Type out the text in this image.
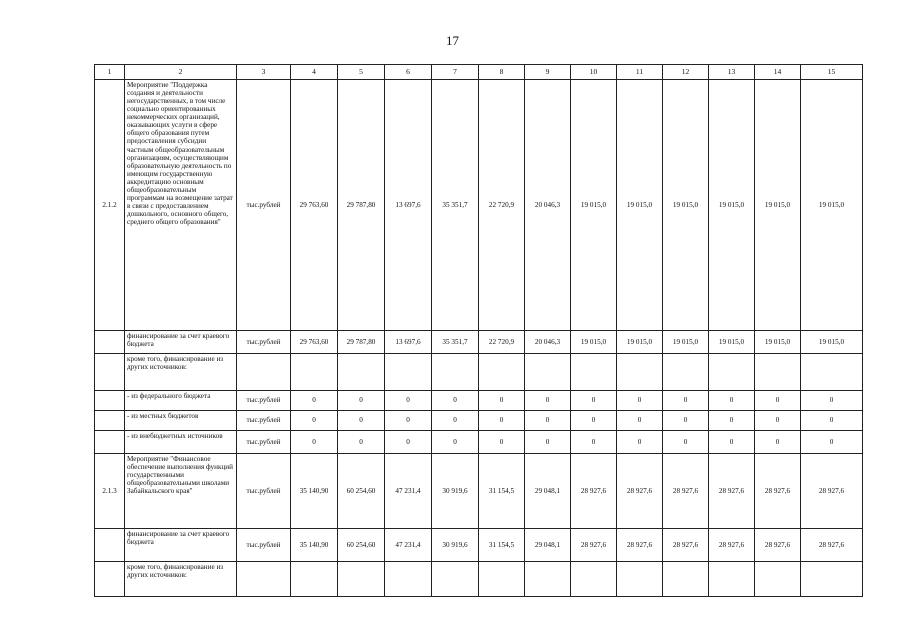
17
1	2	3	4	5	6	7	8	9	10	11	12	13	14	15
2.1.2	Мероприятие "Поддержка создания и деятельности негосударственных, в том числе социально ориентированных некоммерческих организаций, оказывающих услуги в сфере общего образования путем предоставления субсидии частным общеобразовательным организациям, осуществляющим образовательную деятельность по имеющим государственную аккредитацию основным общеобразовательным программам на возмещение затрат в связи с предоставлением дошкольного, основного общего, среднего общего образования"	тыс.рублей	29 763,60	29 787,80	13 697,6	35 351,7	22 720,9	20 046,3	19 015,0	19 015,0	19 015,0	19 015,0	19 015,0	19 015,0
	финансирование за счет краевого бюджета	тыс.рублей	29 763,60	29 787,80	13 697,6	35 351,7	22 720,9	20 046,3	19 015,0	19 015,0	19 015,0	19 015,0	19 015,0	19 015,0
	кроме того, финансирование из других источников:													
	- из федерального бюджета	тыс.рублей	0	0	0	0	0	0	0	0	0	0	0	0
	- из местных бюджетов	тыс.рублей	0	0	0	0	0	0	0	0	0	0	0	0
	- из внебюджетных источников	тыс.рублей	0	0	0	0	0	0	0	0	0	0	0	0
2.1.3	Мероприятие "Финансовое обеспечение выполнения функций государственными общеобразовательными школами Забайкальского края"	тыс.рублей	35 140,90	60 254,60	47 231,4	30 919,6	31 154,5	29 048,1	28 927,6	28 927,6	28 927,6	28 927,6	28 927,6	28 927,6
	финансирование за счет краевого бюджета	тыс.рублей	35 140,90	60 254,60	47 231,4	30 919,6	31 154,5	29 048,1	28 927,6	28 927,6	28 927,6	28 927,6	28 927,6	28 927,6
	кроме того, финансирование из других источников:													
